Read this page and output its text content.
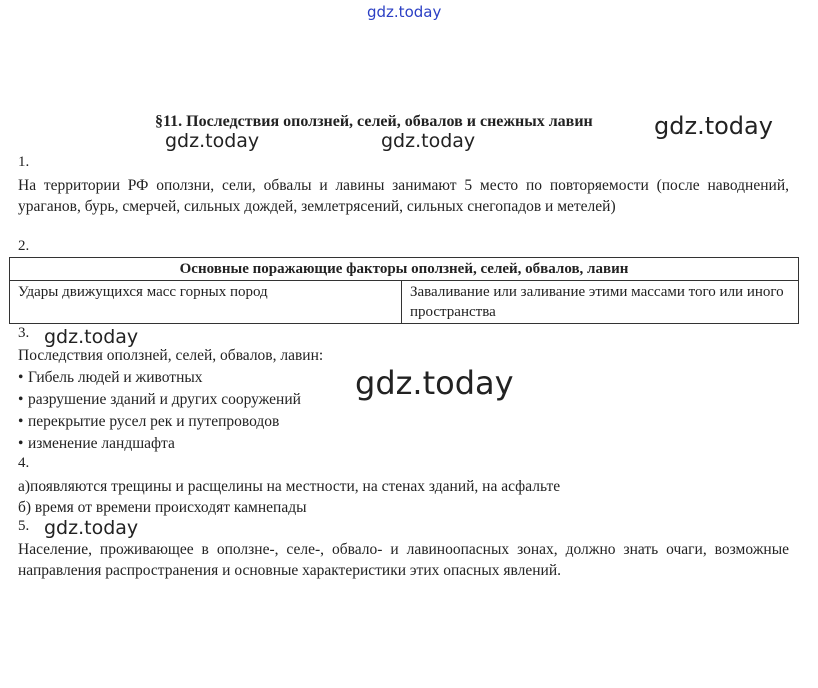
gdz.today
gdz.today
gdz.today	gdz.today
gdz.today
gdz.today
gdz.today
§11. Последствия оползней, селей, обвалов и снежных лавин
1.
На территории РФ оползни, сели, обвалы и лавины занимают 5 место по повторяемости (после наводнений, ураганов, бурь, смерчей, сильных дождей, землетрясений, сильных снегопадов и метелей)
2.
Основные поражающие факторы оползней, селей, обвалов, лавин
Удары движущихся масс горных пород	Заваливание или заливание этими массами того или иного пространства
3.
Последствия оползней, селей, обвалов, лавин:
• Гибель людей и животных
• разрушение зданий и других сооружений
• перекрытие русел рек и путепроводов
• изменение ландшафта
4.
а)появляются трещины и расщелины на местности, на стенах зданий, на асфальте
б) время от времени происходят камнепады
5.
Население, проживающее в оползне-, селе-, обвало- и лавиноопасных зонах, должно знать очаги, возможные направления распространения и основные характеристики этих опасных явлений.
